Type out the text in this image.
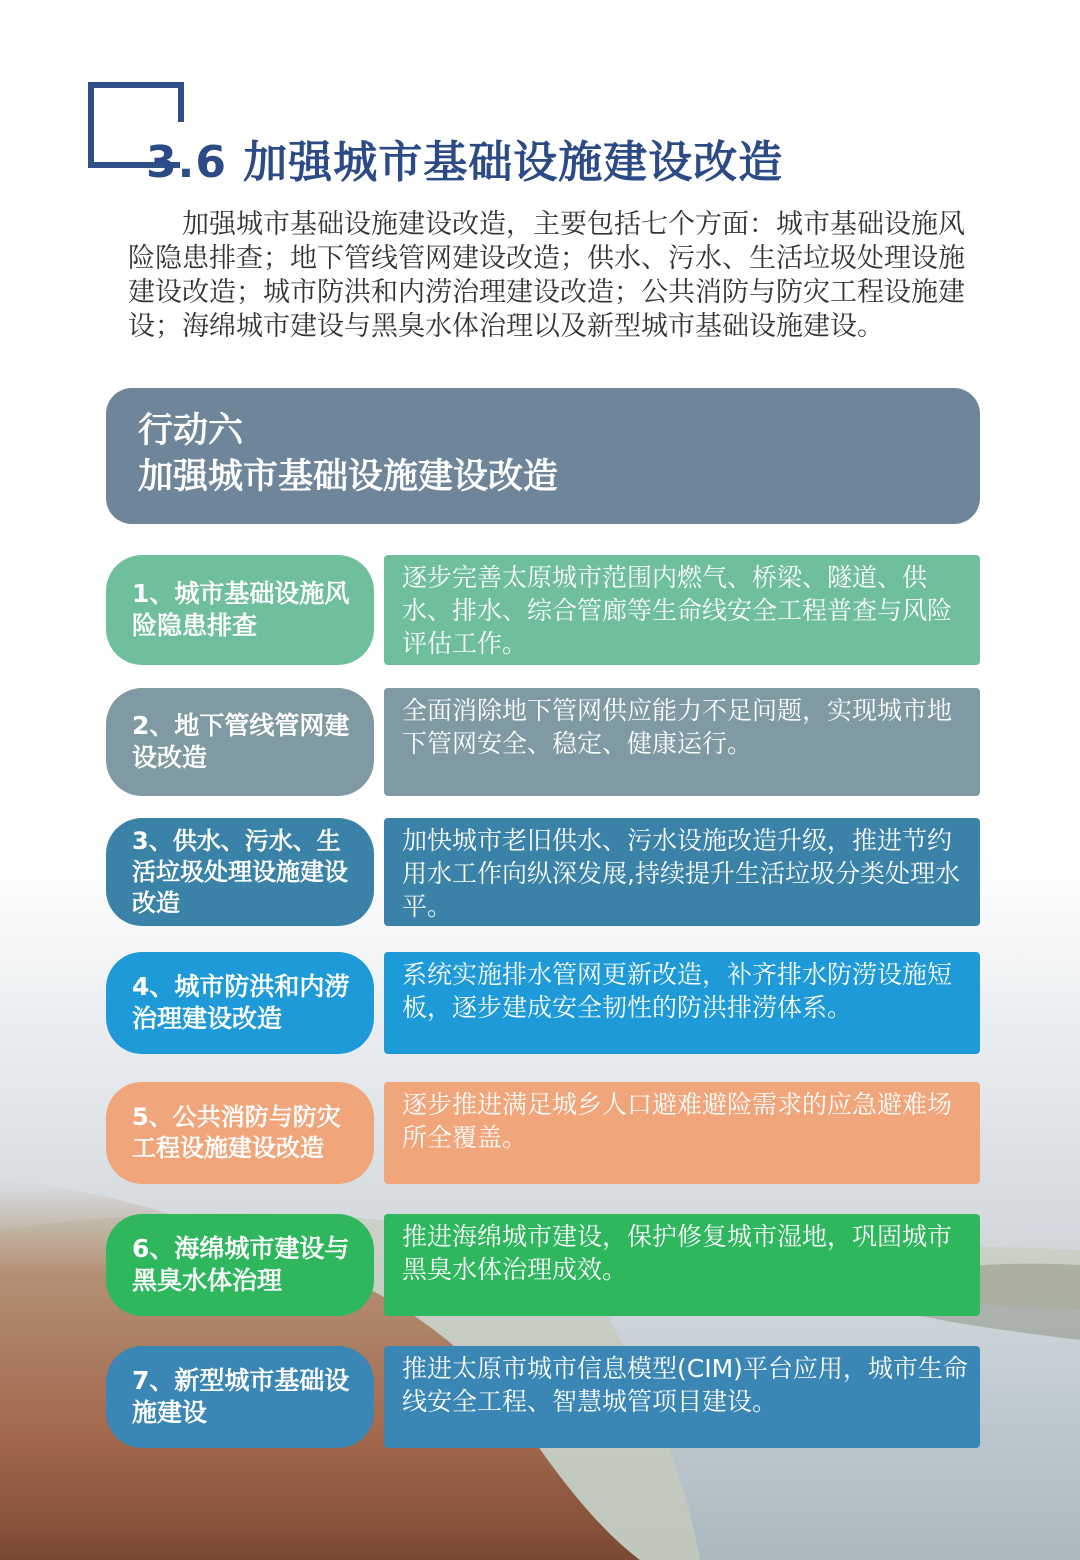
3.6 加强城市基础设施建设改造

加强城市基础设施建设改造，主要包括七个方面：城市基础设施风险隐患排查；地下管线管网建设改造；供水、污水、生活垃圾处理设施建设改造；城市防洪和内涝治理建设改造；公共消防与防灾工程设施建设；海绵城市建设与黑臭水体治理以及新型城市基础设施建设。

行动六
加强城市基础设施建设改造
1、城市基础设施风险隐患排查
逐步完善太原城市范围内燃气、桥梁、隧道、供水、排水、综合管廊等生命线安全工程普查与风险评估工作。
2、地下管线管网建设改造
全面消除地下管网供应能力不足问题，实现城市地下管网安全、稳定、健康运行。
3、供水、污水、生活垃圾处理设施建设改造
加快城市老旧供水、污水设施改造升级，推进节约用水工作向纵深发展,持续提升生活垃圾分类处理水平。
4、城市防洪和内涝治理建设改造
系统实施排水管网更新改造，补齐排水防涝设施短板，逐步建成安全韧性的防洪排涝体系。
5、公共消防与防灾工程设施建设改造
逐步推进满足城乡人口避难避险需求的应急避难场所全覆盖。
6、海绵城市建设与黑臭水体治理
推进海绵城市建设，保护修复城市湿地，巩固城市黑臭水体治理成效。
7、新型城市基础设施建设
推进太原市城市信息模型(CIM)平台应用，城市生命线安全工程、智慧城管项目建设。
